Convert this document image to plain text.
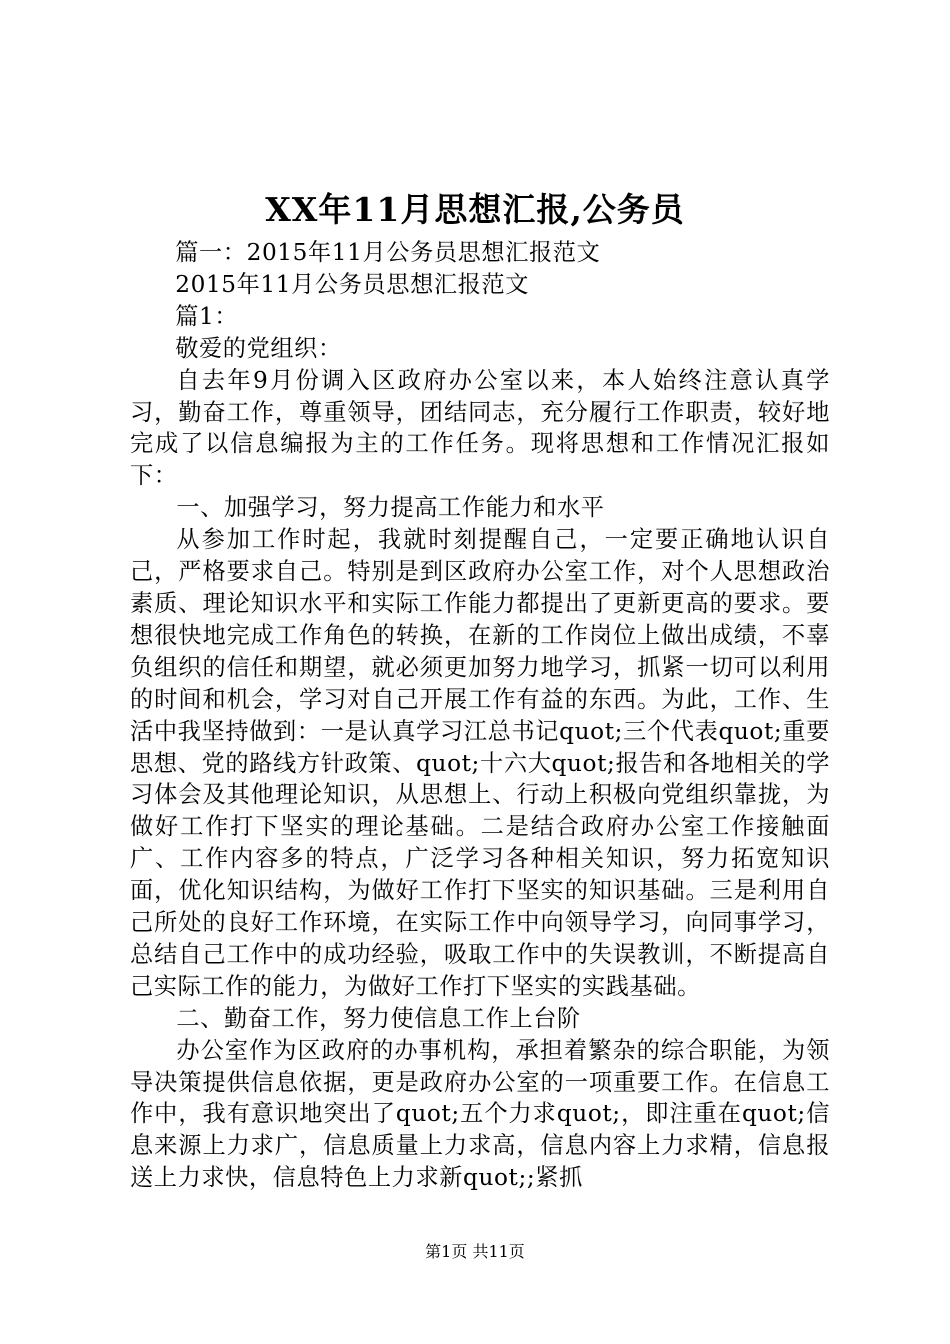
XX年11月思想汇报,公务员

篇一：2015年11月公务员思想汇报范文

2015年11月公务员思想汇报范文

篇1：

敬爱的党组织：

自去年9月份调入区政府办公室以来，本人始终注意认真学习，勤奋工作，尊重领导，团结同志，充分履行工作职责，较好地完成了以信息编报为主的工作任务。现将思想和工作情况汇报如下：

一、加强学习，努力提高工作能力和水平

从参加工作时起，我就时刻提醒自己，一定要正确地认识自己，严格要求自己。特别是到区政府办公室工作，对个人思想政治素质、理论知识水平和实际工作能力都提出了更新更高的要求。要想很快地完成工作角色的转换，在新的工作岗位上做出成绩，不辜负组织的信任和期望，就必须更加努力地学习，抓紧一切可以利用的时间和机会，学习对自己开展工作有益的东西。为此，工作、生活中我坚持做到：一是认真学习江总书记quot;三个代表quot;重要思想、党的路线方针政策、quot;十六大quot;报告和各地相关的学习体会及其他理论知识，从思想上、行动上积极向党组织靠拢，为做好工作打下坚实的理论基础。二是结合政府办公室工作接触面广、工作内容多的特点，广泛学习各种相关知识，努力拓宽知识面，优化知识结构，为做好工作打下坚实的知识基础。三是利用自己所处的良好工作环境，在实际工作中向领导学习，向同事学习，总结自己工作中的成功经验，吸取工作中的失误教训，不断提高自己实际工作的能力，为做好工作打下坚实的实践基础。

二、勤奋工作，努力使信息工作上台阶

办公室作为区政府的办事机构，承担着繁杂的综合职能，为领导决策提供信息依据，更是政府办公室的一项重要工作。在信息工作中，我有意识地突出了quot;五个力求quot;，即注重在quot;信息来源上力求广，信息质量上力求高，信息内容上力求精，信息报送上力求快，信息特色上力求新quot;;紧抓

第1页 共11页
